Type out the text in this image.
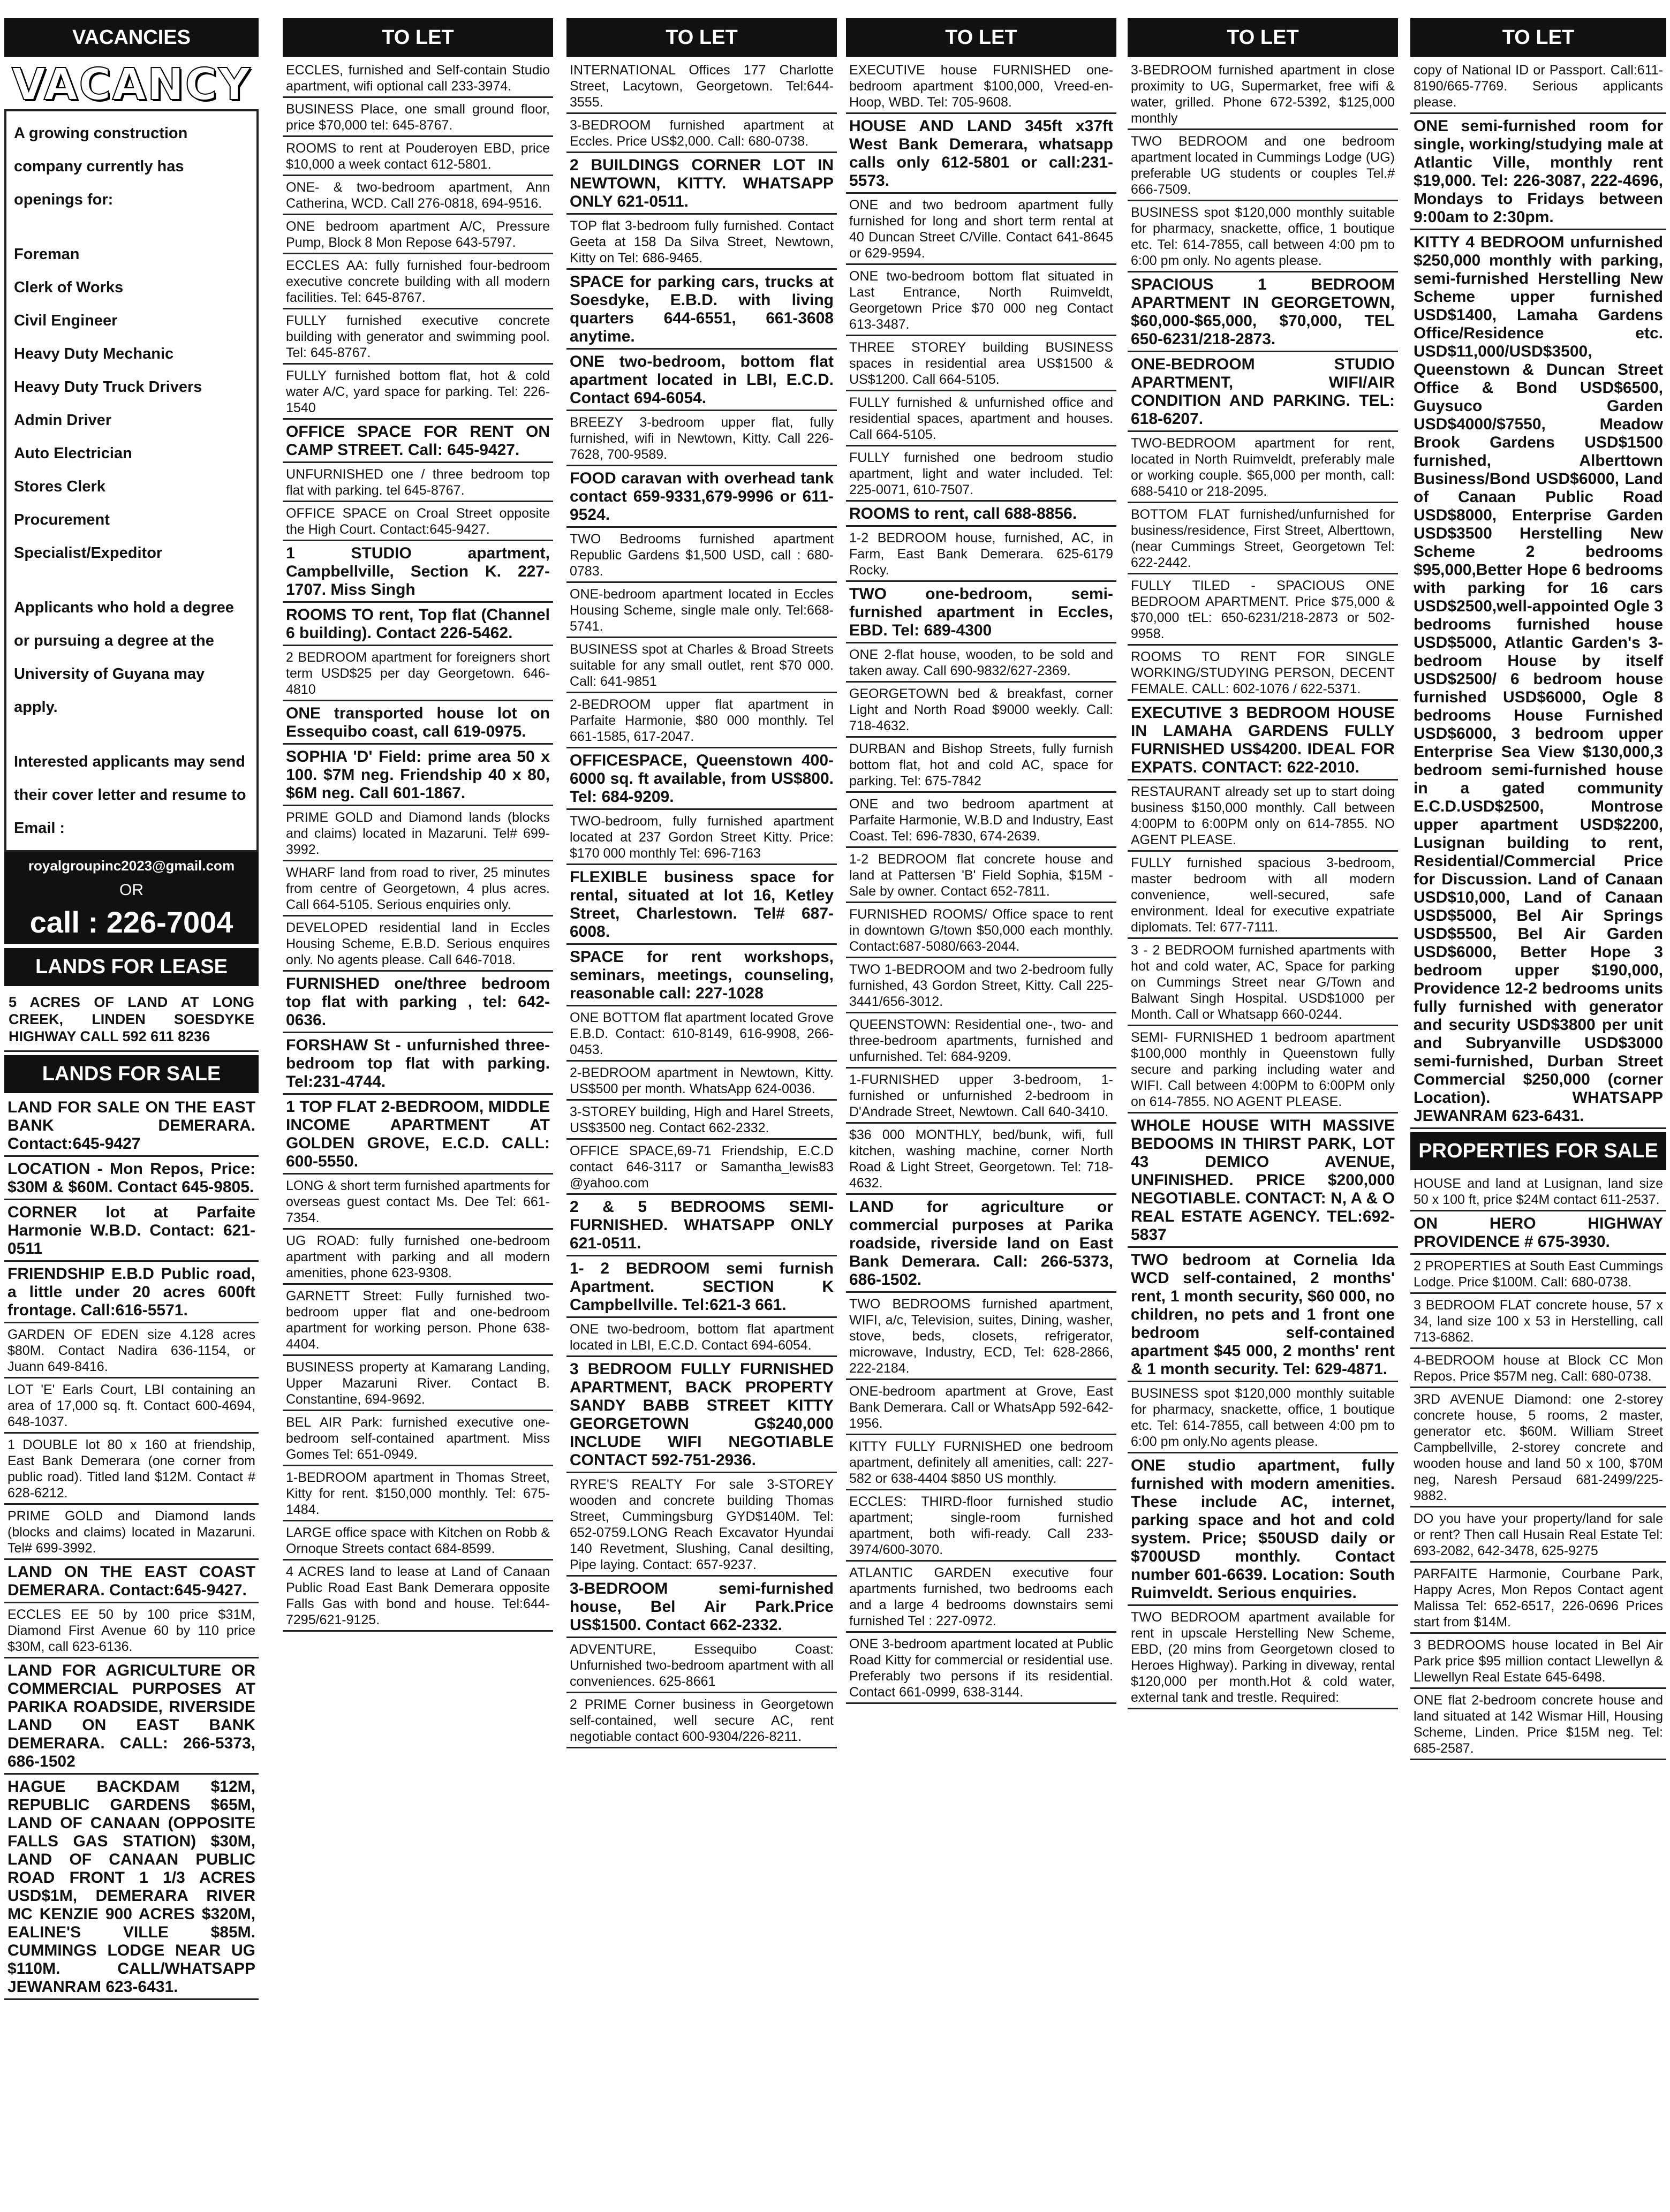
VACANCIES
VACANCY
A growing construction company currently has openings for:
Foreman
Clerk of Works
Civil Engineer
Heavy Duty Mechanic
Heavy Duty Truck Drivers
Admin Driver
Auto Electrician
Stores Clerk
Procurement Specialist/Expeditor
Applicants who hold a degree or pursuing a degree at the University of Guyana may apply.
Interested applicants may send their cover letter and resume to Email :
royalgroupinc2023@gmail.com
OR
call : 226-7004
LANDS FOR LEASE
5 ACRES OF LAND AT LONG CREEK, LINDEN SOESDYKE HIGHWAY CALL 592 611 8236
LANDS FOR SALE
LAND FOR SALE ON THE EAST BANK DEMERARA. Contact:645-9427
LOCATION - Mon Repos, Price: $30M & $60M. Contact 645-9805.
CORNER lot at Parfaite Harmonie W.B.D. Contact: 621-0511
FRIENDSHIP E.B.D Public road, a little under 20 acres 600ft frontage. Call:616-5571.
GARDEN OF EDEN size 4.128 acres $80M. Contact Nadira 636-1154, or Juann 649-8416.
LOT 'E' Earls Court, LBI containing an area of 17,000 sq. ft. Contact 600-4694, 648-1037.
1 DOUBLE lot 80 x 160 at friendship, East Bank Demerara (one corner from public road). Titled land $12M. Contact # 628-6212.
PRIME GOLD and Diamond lands (blocks and claims) located in Mazaruni. Tel# 699-3992.
LAND ON THE EAST COAST DEMERARA. Contact:645-9427.
ECCLES EE 50 by 100 price $31M, Diamond First Avenue 60 by 110 price $30M, call 623-6136.
LAND FOR AGRICULTURE OR COMMERCIAL PURPOSES AT PARIKA ROADSIDE, RIVERSIDE LAND ON EAST BANK DEMERARA. CALL: 266-5373, 686-1502
HAGUE BACKDAM $12M, REPUBLIC GARDENS $65M, LAND OF CANAAN (OPPOSITE FALLS GAS STATION) $30M, LAND OF CANAAN PUBLIC ROAD FRONT 1 1/3 ACRES USD$1M, DEMERARA RIVER MC KENZIE 900 ACRES $320M, EALINE'S VILLE $85M. CUMMINGS LODGE NEAR UG $110M. CALL/WHATSAPP JEWANRAM 623-6431.
TO LET
ECCLES, furnished and Self-contain Studio apartment, wifi optional call 233-3974.
BUSINESS Place, one small ground floor, price $70,000 tel: 645-8767.
ROOMS to rent at Pouderoyen EBD, price $10,000 a week contact 612-5801.
ONE- & two-bedroom apartment, Ann Catherina, WCD. Call 276-0818, 694-9516.
ONE bedroom apartment A/C, Pressure Pump, Block 8 Mon Repose 643-5797.
ECCLES AA: fully furnished four-bedroom executive concrete building with all modern facilities. Tel: 645-8767.
FULLY furnished executive concrete building with generator and swimming pool. Tel: 645-8767.
FULLY furnished bottom flat, hot & cold water A/C, yard space for parking. Tel: 226-1540
OFFICE SPACE FOR RENT ON CAMP STREET. Call: 645-9427.
UNFURNISHED one / three bedroom top flat with parking. tel 645-8767.
OFFICE SPACE on Croal Street opposite the High Court. Contact:645-9427.
1 STUDIO apartment, Campbellville, Section K. 227-1707. Miss Singh
ROOMS TO rent, Top flat (Channel 6 building). Contact 226-5462.
2 BEDROOM apartment for foreigners short term USD$25 per day Georgetown. 646-4810
ONE transported house lot on Essequibo coast, call 619-0975.
SOPHIA 'D' Field: prime area 50 x 100. $7M neg. Friendship 40 x 80, $6M neg. Call 601-1867.
PRIME GOLD and Diamond lands (blocks and claims) located in Mazaruni. Tel# 699-3992.
WHARF land from road to river, 25 minutes from centre of Georgetown, 4 plus acres. Call 664-5105. Serious enquiries only.
DEVELOPED residential land in Eccles Housing Scheme, E.B.D. Serious enquires only. No agents please. Call 646-7018.
FURNISHED one/three bedroom top flat with parking , tel: 642-0636.
FORSHAW St - unfurnished three-bedroom top flat with parking. Tel:231-4744.
1 TOP FLAT 2-BEDROOM, MIDDLE INCOME APARTMENT AT GOLDEN GROVE, E.C.D. CALL: 600-5550.
LONG & short term furnished apartments for overseas guest contact Ms. Dee Tel: 661-7354.
UG ROAD: fully furnished one-bedroom apartment with parking and all modern amenities, phone 623-9308.
GARNETT Street: Fully furnished two-bedroom upper flat and one-bedroom apartment for working person. Phone 638-4404.
BUSINESS property at Kamarang Landing, Upper Mazaruni River. Contact B. Constantine, 694-9692.
BEL AIR Park: furnished executive one-bedroom self-contained apartment. Miss Gomes Tel: 651-0949.
1-BEDROOM apartment in Thomas Street, Kitty for rent. $150,000 monthly. Tel: 675-1484.
LARGE office space with Kitchen on Robb & Ornoque Streets contact 684-8599.
4 ACRES land to lease at Land of Canaan Public Road East Bank Demerara opposite Falls Gas with bond and house. Tel:644-7295/621-9125.
TO LET
INTERNATIONAL Offices 177 Charlotte Street, Lacytown, Georgetown. Tel:644-3555.
3-BEDROOM furnished apartment at Eccles. Price US$2,000. Call: 680-0738.
2 BUILDINGS CORNER LOT IN NEWTOWN, KITTY. WHATSAPP ONLY 621-0511.
TOP flat 3-bedroom fully furnished. Contact Geeta at 158 Da Silva Street, Newtown, Kitty on Tel: 686-9465.
SPACE for parking cars, trucks at Soesdyke, E.B.D. with living quarters 644-6551, 661-3608 anytime.
ONE two-bedroom, bottom flat apartment located in LBI, E.C.D. Contact 694-6054.
BREEZY 3-bedroom upper flat, fully furnished, wifi in Newtown, Kitty. Call 226-7628, 700-9589.
FOOD caravan with overhead tank contact 659-9331,679-9996 or 611-9524.
TWO Bedrooms furnished apartment Republic Gardens $1,500 USD, call : 680-0783.
ONE-bedroom apartment located in Eccles Housing Scheme, single male only. Tel:668-5741.
BUSINESS spot at Charles & Broad Streets suitable for any small outlet, rent $70 000. Call: 641-9851
2-BEDROOM upper flat apartment in Parfaite Harmonie, $80 000 monthly. Tel 661-1585, 617-2047.
OFFICESPACE, Queenstown 400-6000 sq. ft available, from US$800. Tel: 684-9209.
TWO-bedroom, fully furnished apartment located at 237 Gordon Street Kitty. Price: $170 000 monthly Tel: 696-7163
FLEXIBLE business space for rental, situated at lot 16, Ketley Street, Charlestown. Tel# 687-6008.
SPACE for rent workshops, seminars, meetings, counseling, reasonable call: 227-1028
ONE BOTTOM flat apartment located Grove E.B.D. Contact: 610-8149, 616-9908, 266-0453.
2-BEDROOM apartment in Newtown, Kitty. US$500 per month. WhatsApp 624-0036.
3-STOREY building, High and Harel Streets, US$3500 neg. Contact 662-2332.
OFFICE SPACE,69-71 Friendship, E.C.D contact 646-3117 or Samantha_lewis83 @yahoo.com
2 & 5 BEDROOMS SEMI-FURNISHED. WHATSAPP ONLY 621-0511.
1- 2 BEDROOM semi furnish Apartment. SECTION K Campbellville. Tel:621-3 661.
ONE two-bedroom, bottom flat apartment located in LBI, E.C.D. Contact 694-6054.
3 BEDROOM FULLY FURNISHED APARTMENT, BACK PROPERTY SANDY BABB STREET KITTY GEORGETOWN G$240,000 INCLUDE WIFI NEGOTIABLE CONTACT 592-751-2936.
RYRE'S REALTY For sale 3-STOREY wooden and concrete building Thomas Street, Cummingsburg GYD$140M. Tel: 652-0759.LONG Reach Excavator Hyundai 140 Revetment, Slushing, Canal desilting, Pipe laying. Contact: 657-9237.
3-BEDROOM semi-furnished house, Bel Air Park.Price US$1500. Contact 662-2332.
ADVENTURE, Essequibo Coast: Unfurnished two-bedroom apartment with all conveniences. 625-8661
2 PRIME Corner business in Georgetown self-contained, well secure AC, rent negotiable contact 600-9304/226-8211.
TO LET
EXECUTIVE house FURNISHED one-bedroom apartment $100,000, Vreed-en-Hoop, WBD. Tel: 705-9608.
HOUSE AND LAND 345ft x37ft West Bank Demerara, whatsapp calls only 612-5801 or call:231-5573.
ONE and two bedroom apartment fully furnished for long and short term rental at 40 Duncan Street C/Ville. Contact 641-8645 or 629-9594.
ONE two-bedroom bottom flat situated in Last Entrance, North Ruimveldt, Georgetown Price $70 000 neg Contact 613-3487.
THREE STOREY building BUSINESS spaces in residential area US$1500 & US$1200. Call 664-5105.
FULLY furnished & unfurnished office and residential spaces, apartment and houses. Call 664-5105.
FULLY furnished one bedroom studio apartment, light and water included. Tel: 225-0071, 610-7507.
ROOMS to rent, call 688-8856.
1-2 BEDROOM house, furnished, AC, in Farm, East Bank Demerara. 625-6179 Rocky.
TWO one-bedroom, semi-furnished apartment in Eccles, EBD. Tel: 689-4300
ONE 2-flat house, wooden, to be sold and taken away. Call 690-9832/627-2369.
GEORGETOWN bed & breakfast, corner Light and North Road $9000 weekly. Call: 718-4632.
DURBAN and Bishop Streets, fully furnish bottom flat, hot and cold AC, space for parking. Tel: 675-7842
ONE and two bedroom apartment at Parfaite Harmonie, W.B.D and Industry, East Coast. Tel: 696-7830, 674-2639.
1-2 BEDROOM flat concrete house and land at Pattersen 'B' Field Sophia, $15M - Sale by owner. Contact 652-7811.
FURNISHED ROOMS/ Office space to rent in downtown G/town $50,000 each monthly. Contact:687-5080/663-2044.
TWO 1-BEDROOM and two 2-bedroom fully furnished, 43 Gordon Street, Kitty. Call 225- 3441/656-3012.
QUEENSTOWN: Residential one-, two- and three-bedroom apartments, furnished and unfurnished. Tel: 684-9209.
1-FURNISHED upper 3-bedroom, 1-furnished or unfurnished 2-bedroom in D'Andrade Street, Newtown. Call 640-3410.
$36 000 MONTHLY, bed/bunk, wifi, full kitchen, washing machine, corner North Road & Light Street, Georgetown. Tel: 718-4632.
LAND for agriculture or commercial purposes at Parika roadside, riverside land on East Bank Demerara. Call: 266-5373, 686-1502.
TWO BEDROOMS furnished apartment, WIFI, a/c, Television, suites, Dining, washer, stove, beds, closets, refrigerator, microwave, Industry, ECD, Tel: 628-2866, 222-2184.
ONE-bedroom apartment at Grove, East Bank Demerara. Call or WhatsApp 592-642-1956.
KITTY FULLY FURNISHED one bedroom apartment, definitely all amenities, call: 227-582 or 638-4404 $850 US monthly.
ECCLES: THIRD-floor furnished studio apartment; single-room furnished apartment, both wifi-ready. Call 233-3974/600-3070.
ATLANTIC GARDEN executive four apartments furnished, two bedrooms each and a large 4 bedrooms downstairs semi furnished Tel : 227-0972.
ONE 3-bedroom apartment located at Public Road Kitty for commercial or residential use. Preferably two persons if its residential. Contact 661-0999, 638-3144.
TO LET
3-BEDROOM furnished apartment in close proximity to UG, Supermarket, free wifi & water, grilled. Phone 672-5392, $125,000 monthly
TWO BEDROOM and one bedroom apartment located in Cummings Lodge (UG) preferable UG students or couples Tel.# 666-7509.
BUSINESS spot $120,000 monthly suitable for pharmacy, snackette, office, 1 boutique etc. Tel: 614-7855, call between 4:00 pm to 6:00 pm only. No agents please.
SPACIOUS 1 BEDROOM APARTMENT IN GEORGETOWN, $60,000-$65,000, $70,000, TEL 650-6231/218-2873.
ONE-BEDROOM STUDIO APARTMENT, WIFI/AIR CONDITION AND PARKING. TEL: 618-6207.
TWO-BEDROOM apartment for rent, located in North Ruimveldt, preferably male or working couple. $65,000 per month, call: 688-5410 or 218-2095.
BOTTOM FLAT furnished/unfurnished for business/residence, First Street, Alberttown, (near Cummings Street, Georgetown Tel: 622-2442.
FULLY TILED - SPACIOUS ONE BEDROOM APARTMENT. Price $75,000 & $70,000 tEL: 650-6231/218-2873 or 502-9958.
ROOMS TO RENT FOR SINGLE WORKING/STUDYING PERSON, DECENT FEMALE. CALL: 602-1076 / 622-5371.
EXECUTIVE 3 BEDROOM HOUSE IN LAMAHA GARDENS FULLY FURNISHED US$4200. IDEAL FOR EXPATS. CONTACT: 622-2010.
RESTAURANT already set up to start doing business $150,000 monthly. Call between 4:00PM to 6:00PM only on 614-7855. NO AGENT PLEASE.
FULLY furnished spacious 3-bedroom, master bedroom with all modern convenience, well-secured, safe environment. Ideal for executive expatriate diplomats. Tel: 677-7111.
3 - 2 BEDROOM furnished apartments with hot and cold water, AC, Space for parking on Cummings Street near G/Town and Balwant Singh Hospital. USD$1000 per Month. Call or Whatsapp 660-0244.
SEMI- FURNISHED 1 bedroom apartment $100,000 monthly in Queenstown fully secure and parking including water and WIFI. Call between 4:00PM to 6:00PM only on 614-7855. NO AGENT PLEASE.
WHOLE HOUSE WITH MASSIVE BEDOOMS IN THIRST PARK, LOT 43 DEMICO AVENUE, UNFINISHED. PRICE $200,000 NEGOTIABLE. CONTACT: N, A & O REAL ESTATE AGENCY. TEL:692-5837
TWO bedroom at Cornelia Ida WCD self-contained, 2 months' rent, 1 month security, $60 000, no children, no pets and 1 front one bedroom self-contained apartment $45 000, 2 months' rent & 1 month security. Tel: 629-4871.
BUSINESS spot $120,000 monthly suitable for pharmacy, snackette, office, 1 boutique etc. Tel: 614-7855, call between 4:00 pm to 6:00 pm only.No agents please.
ONE studio apartment, fully furnished with modern amenities. These include AC, internet, parking space and hot and cold system. Price; $50USD daily or $700USD monthly. Contact number 601-6639. Location: South Ruimveldt. Serious enquiries.
TWO BEDROOM apartment available for rent in upscale Herstelling New Scheme, EBD, (20 mins from Georgetown closed to Heroes Highway). Parking in diveway, rental $120,000 per month.Hot & cold water, external tank and trestle. Required:
TO LET
copy of National ID or Passport. Call:611-8190/665-7769. Serious applicants please.
ONE semi-furnished room for single, working/studying male at Atlantic Ville, monthly rent $19,000. Tel: 226-3087, 222-4696, Mondays to Fridays between 9:00am to 2:30pm.
KITTY 4 BEDROOM unfurnished $250,000 monthly with parking, semi-furnished Herstelling New Scheme upper furnished USD$1400, Lamaha Gardens Office/Residence etc. USD$11,000/USD$3500, Queenstown & Duncan Street Office & Bond USD$6500, Guysuco Garden USD$4000/$7550, Meadow Brook Gardens USD$1500 furnished, Alberttown Business/Bond USD$6000, Land of Canaan Public Road USD$8000, Enterprise Garden USD$3500 Herstelling New Scheme 2 bedrooms $95,000,Better Hope 6 bedrooms with parking for 16 cars USD$2500,well-appointed Ogle 3 bedrooms furnished house USD$5000, Atlantic Garden's 3-bedroom House by itself USD$2500/ 6 bedroom house furnished USD$6000, Ogle 8 bedrooms House Furnished USD$6000, 3 bedroom upper Enterprise Sea View $130,000,3 bedroom semi-furnished house in a gated community E.C.D.USD$2500, Montrose upper apartment USD$2200, Lusignan building to rent, Residential/Commercial Price for Discussion. Land of Canaan USD$10,000, Land of Canaan USD$5000, Bel Air Springs USD$5500, Bel Air Garden USD$6000, Better Hope 3 bedroom upper $190,000, Providence 12-2 bedrooms units fully furnished with generator and security USD$3800 per unit and Subryanville USD$3000 semi-furnished, Durban Street Commercial $250,000 (corner Location). WHATSAPP JEWANRAM 623-6431.
PROPERTIES FOR SALE
HOUSE and land at Lusignan, land size 50 x 100 ft, price $24M contact 611-2537.
ON HERO HIGHWAY PROVIDENCE # 675-3930.
2 PROPERTIES at South East Cummings Lodge. Price $100M. Call: 680-0738.
3 BEDROOM FLAT concrete house, 57 x 34, land size 100 x 53 in Herstelling, call 713-6862.
4-BEDROOM house at Block CC Mon Repos. Price $57M neg. Call: 680-0738.
3RD AVENUE Diamond: one 2-storey concrete house, 5 rooms, 2 master, generator etc. $60M. William Street Campbellville, 2-storey concrete and wooden house and land 50 x 100, $70M neg, Naresh Persaud 681-2499/225-9882.
DO you have your property/land for sale or rent? Then call Husain Real Estate Tel: 693-2082, 642-3478, 625-9275
PARFAITE Harmonie, Courbane Park, Happy Acres, Mon Repos Contact agent Malissa Tel: 652-6517, 226-0696 Prices start from $14M.
3 BEDROOMS house located in Bel Air Park price $95 million contact Llewellyn & Llewellyn Real Estate 645-6498.
ONE flat 2-bedroom concrete house and land situated at 142 Wismar Hill, Housing Scheme, Linden. Price $15M neg. Tel: 685-2587.
